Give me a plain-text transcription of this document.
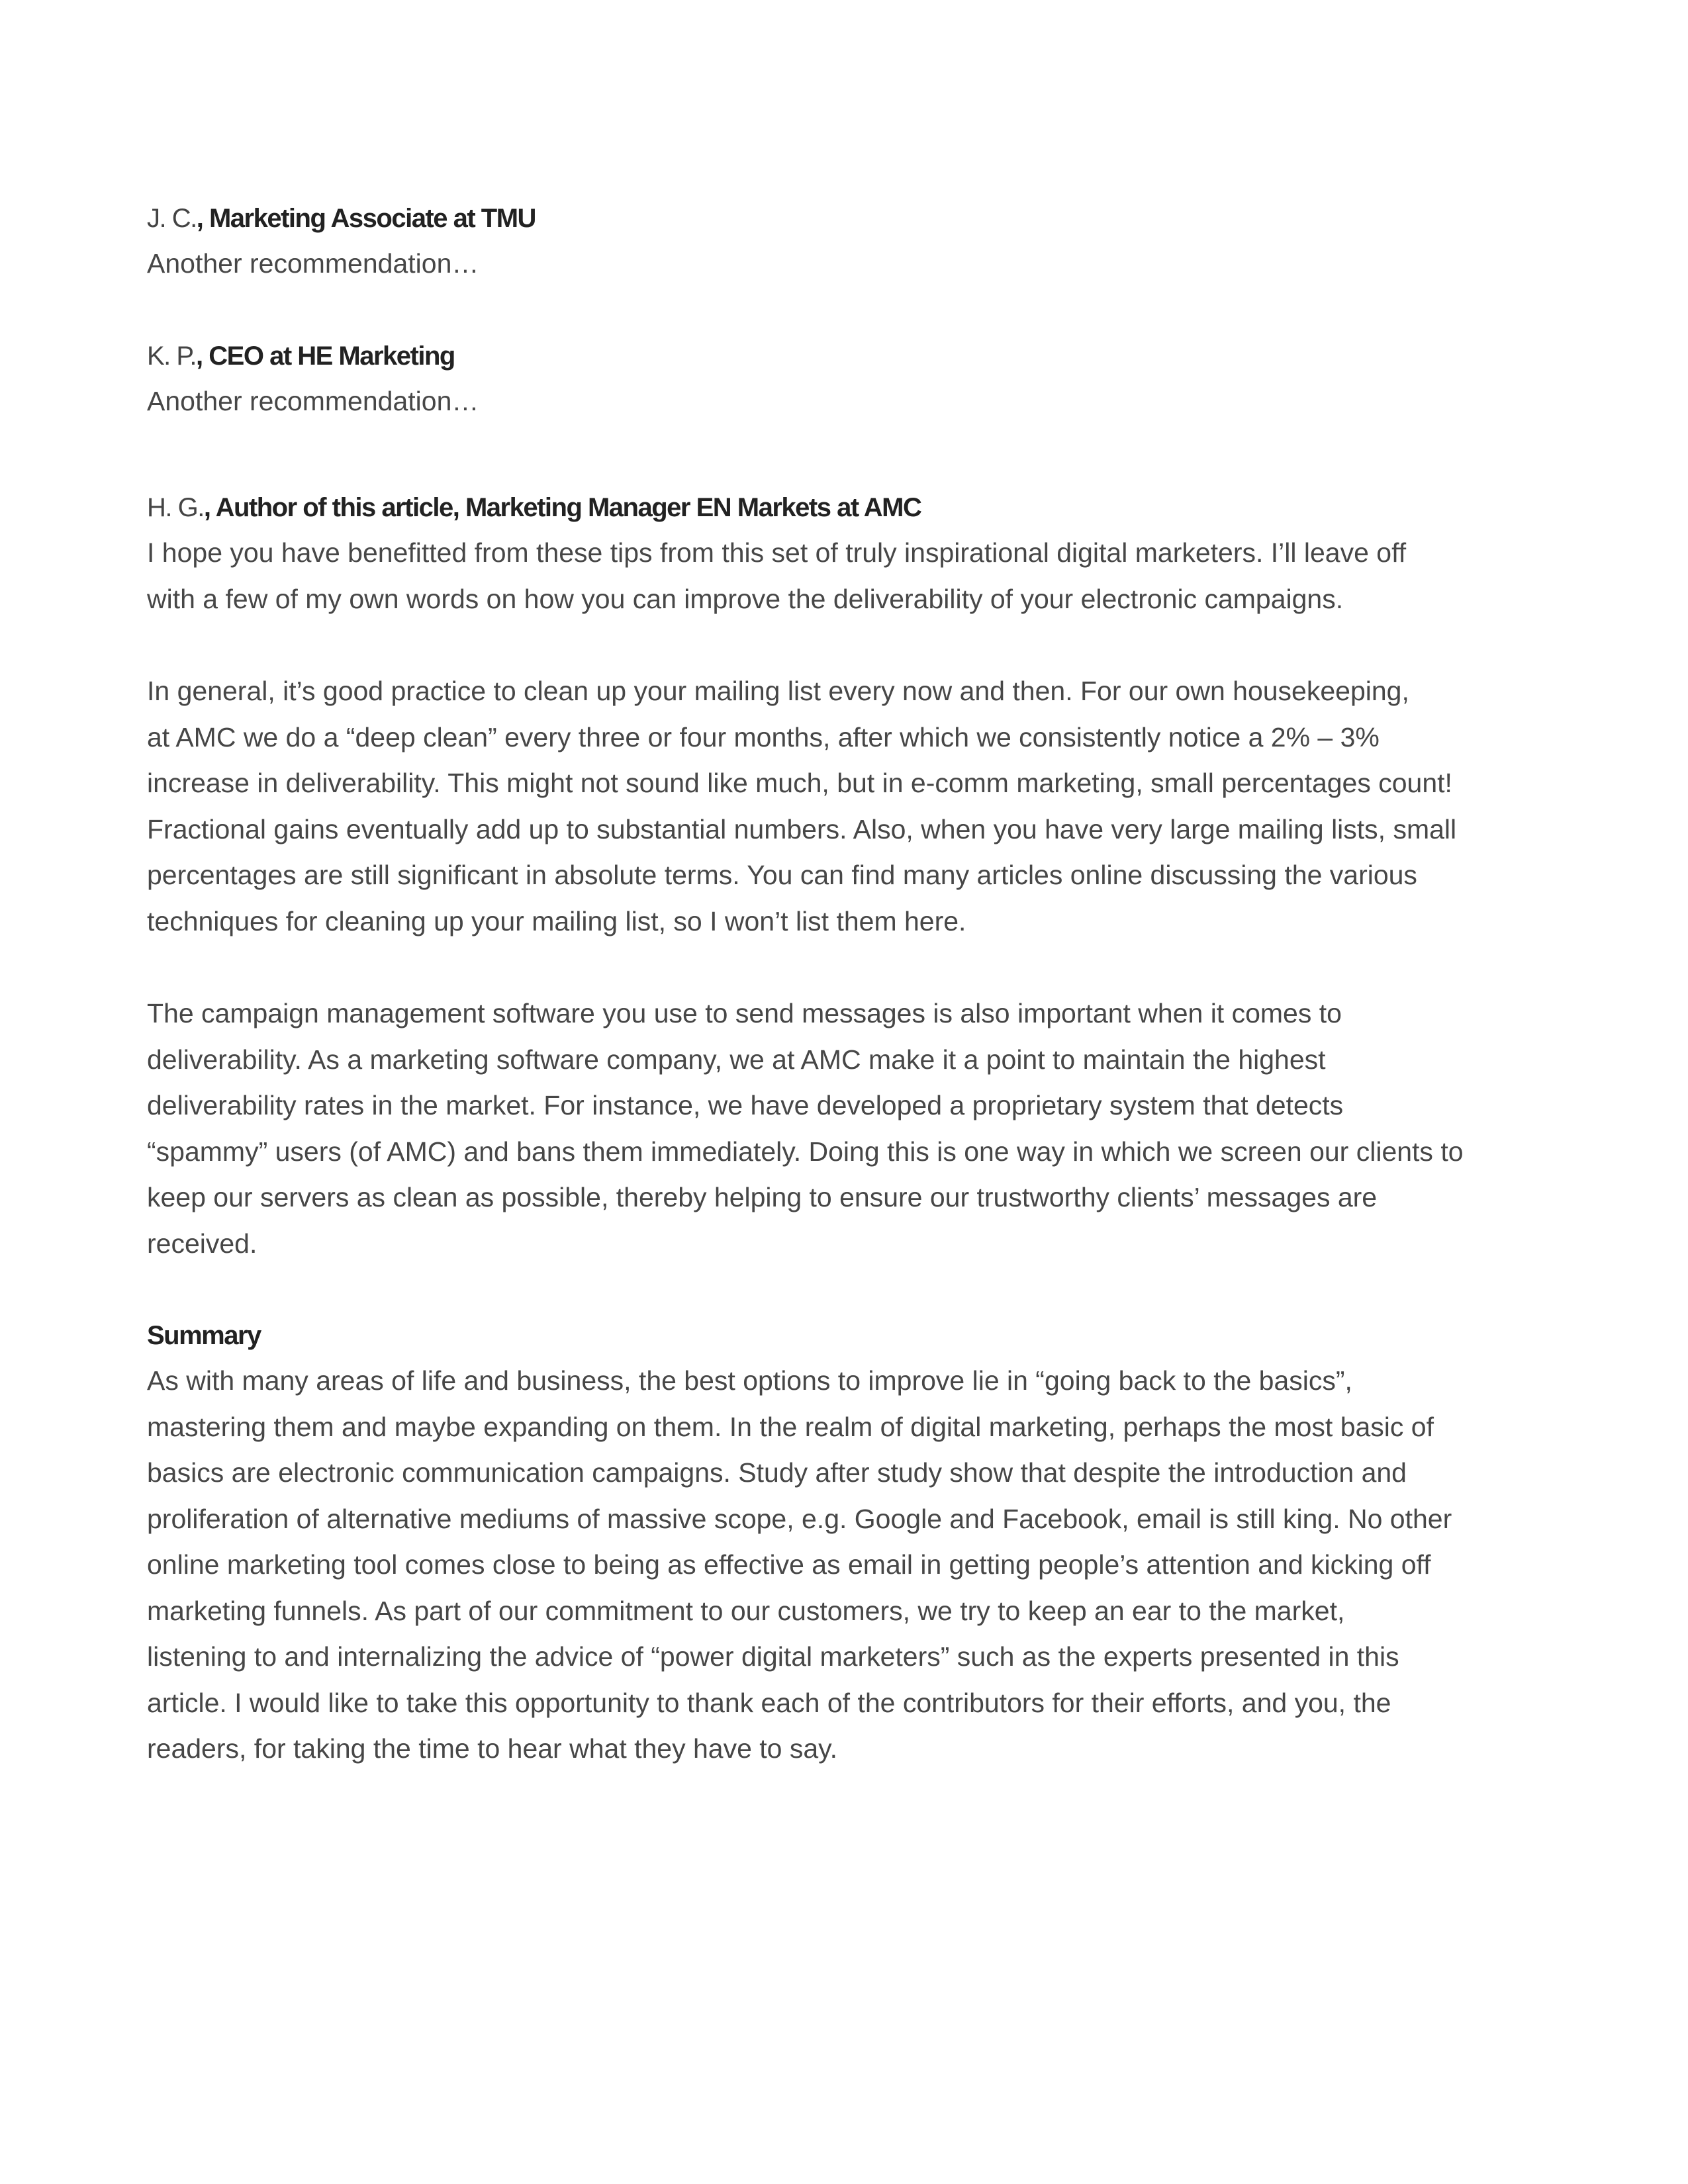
J. C., Marketing Associate at TMU

Another recommendation…

K. P., CEO at HE Marketing

Another recommendation…

H. G., Author of this article, Marketing Manager EN Markets at AMC

I hope you have benefitted from these tips from this set of truly inspirational digital marketers. I’ll leave off
with a few of my own words on how you can improve the deliverability of your electronic campaigns.

In general, it’s good practice to clean up your mailing list every now and then. For our own housekeeping,
at AMC we do a “deep clean” every three or four months, after which we consistently notice a 2% – 3%
increase in deliverability. This might not sound like much, but in e-comm marketing, small percentages count!
Fractional gains eventually add up to substantial numbers. Also, when you have very large mailing lists, small
percentages are still significant in absolute terms. You can find many articles online discussing the various
techniques for cleaning up your mailing list, so I won’t list them here.

The campaign management software you use to send messages is also important when it comes to
deliverability. As a marketing software company, we at AMC make it a point to maintain the highest
deliverability rates in the market. For instance, we have developed a proprietary system that detects
“spammy” users (of AMC) and bans them immediately. Doing this is one way in which we screen our clients to
keep our servers as clean as possible, thereby helping to ensure our trustworthy clients’ messages are
received.

Summary

As with many areas of life and business, the best options to improve lie in “going back to the basics”,
mastering them and maybe expanding on them. In the realm of digital marketing, perhaps the most basic of
basics are electronic communication campaigns. Study after study show that despite the introduction and
proliferation of alternative mediums of massive scope, e.g. Google and Facebook, email is still king. No other
online marketing tool comes close to being as effective as email in getting people’s attention and kicking off
marketing funnels. As part of our commitment to our customers, we try to keep an ear to the market,
listening to and internalizing the advice of “power digital marketers” such as the experts presented in this
article. I would like to take this opportunity to thank each of the contributors for their efforts, and you, the
readers, for taking the time to hear what they have to say.
